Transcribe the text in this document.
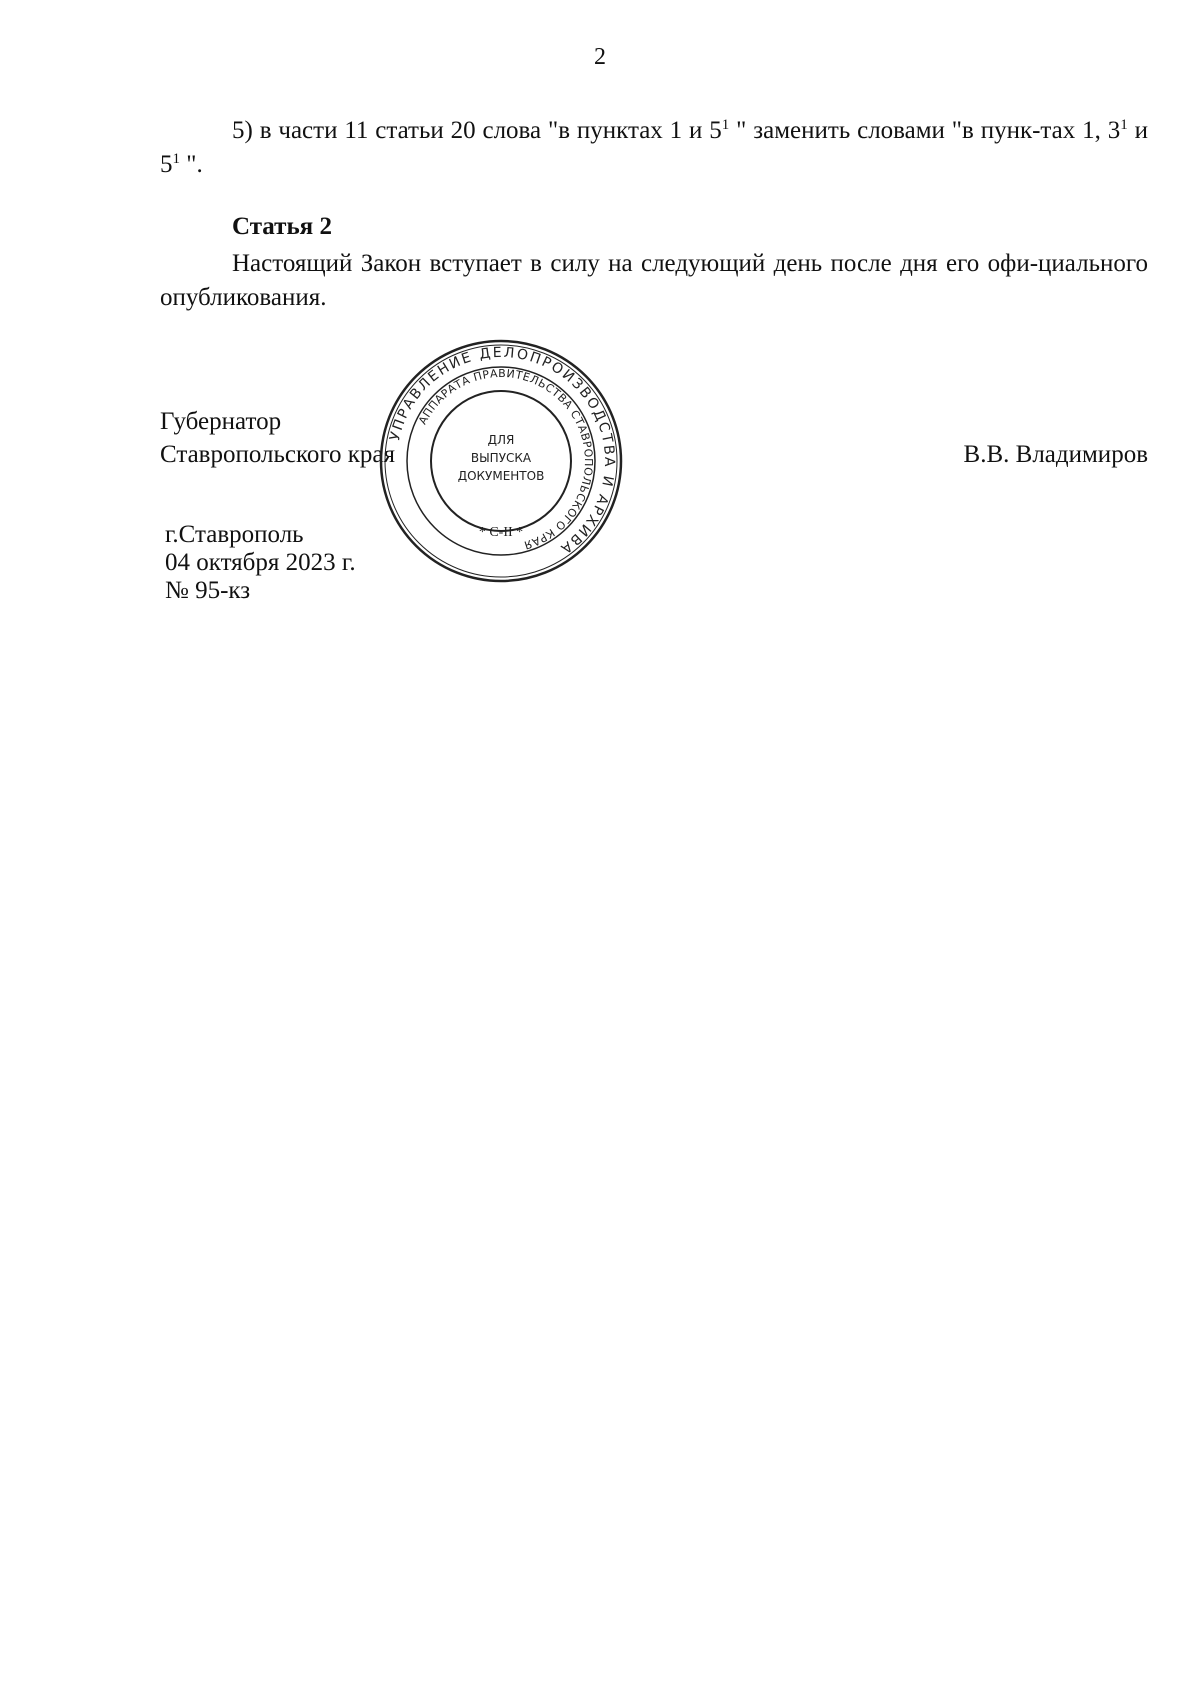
2
5) в части 11 статьи 20 слова "в пунктах 1 и $5^1$ " заменить словами "в пунк-тах 1, $3^1$ и $5^1$ ".
Статья 2
Настоящий Закон вступает в силу на следующий день после дня его офи-циального опубликования.
Губернатор
Ставропольского края	В.В. Владимиров
г.Ставрополь
04 октября 2023 г.
№ 95-кз
УПРАВЛЕНИЕ ДЕЛОПРОИЗВОДСТВА И АРХИВА
АППАРАТА ПРАВИТЕЛЬСТВА СТАВРОПОЛЬСКОГО КРАЯ
ДЛЯ
ВЫПУСКА
ДОКУМЕНТОВ
* С-II *
